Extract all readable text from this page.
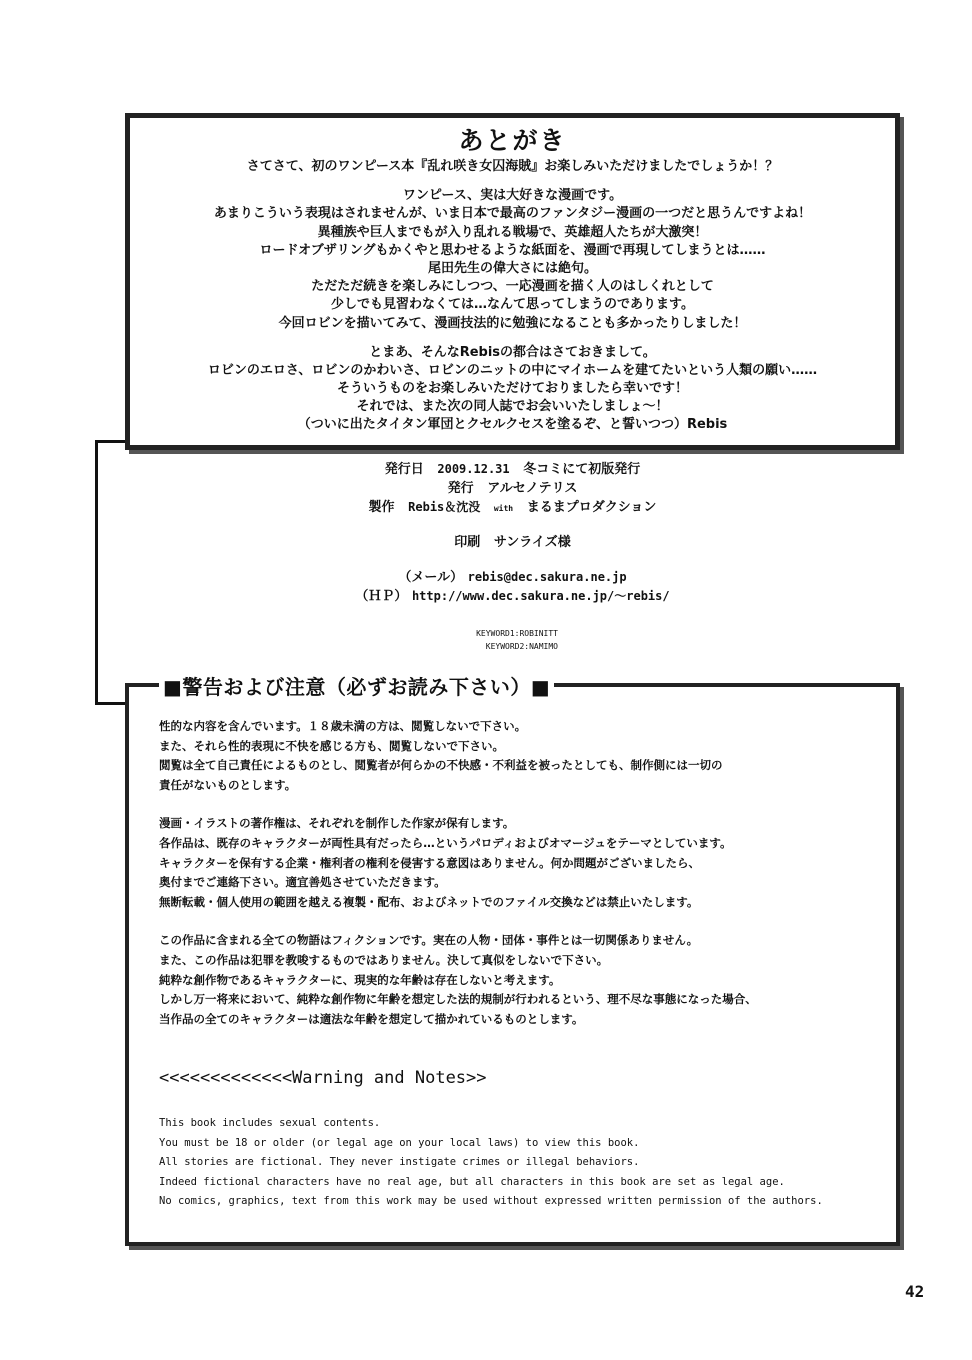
あとがき
さてさて、初のワンピース本『乱れ咲き女囚海賊』お楽しみいただけましたでしょうか！？
ワンピース、実は大好きな漫画です。
あまりこういう表現はされませんが、いま日本で最高のファンタジー漫画の一つだと思うんですよね！
異種族や巨人までもが入り乱れる戦場で、英雄超人たちが大激突！
ロードオブザリングもかくやと思わせるような紙面を、漫画で再現してしまうとは……
尾田先生の偉大さには絶句。
ただただ続きを楽しみにしつつ、一応漫画を描く人のはしくれとして
少しでも見習わなくては…なんて思ってしまうのであります。
今回ロビンを描いてみて、漫画技法的に勉強になることも多かったりしました！
とまあ、そんなRebisの都合はさておきまして。
ロビンのエロさ、ロビンのかわいさ、ロビンのニットの中にマイホームを建てたいという人類の願い……
そういうものをお楽しみいただけておりましたら幸いです！
それでは、また次の同人誌でお会いいたしましょ～！
（ついに出たタイタン軍団とクセルクセスを塗るぞ、と誓いつつ）Rebis
発行日 2009.12.31 冬コミにて初版発行
発行 アルセノテリス
製作 Rebis＆沈没 with まるまプロダクション
印刷 サンライズ様
（メール） rebis@dec.sakura.ne.jp
（ＨＰ） http://www.dec.sakura.ne.jp/～rebis/
KEYWORD1:ROBINITT
KEYWORD2:NAMIMO
■警告および注意（必ずお読み下さい）■
性的な内容を含んでいます。１８歳未満の方は、閲覧しないで下さい。
また、それら性的表現に不快を感じる方も、閲覧しないで下さい。
閲覧は全て自己責任によるものとし、閲覧者が何らかの不快感・不利益を被ったとしても、制作側には一切の
責任がないものとします。
漫画・イラストの著作権は、それぞれを制作した作家が保有します。
各作品は、既存のキャラクターが両性具有だったら…というパロディおよびオマージュをテーマとしています。
キャラクターを保有する企業・権利者の権利を侵害する意図はありません。何か問題がございましたら、
奥付までご連絡下さい。適宜善処させていただきます。
無断転載・個人使用の範囲を越える複製・配布、およびネットでのファイル交換などは禁止いたします。
この作品に含まれる全ての物語はフィクションです。実在の人物・団体・事件とは一切関係ありません。
また、この作品は犯罪を教唆するものではありません。決して真似をしないで下さい。
純粋な創作物であるキャラクターに、現実的な年齢は存在しないと考えます。
しかし万一将来において、純粋な創作物に年齢を想定した法的規制が行われるという、理不尽な事態になった場合、
当作品の全てのキャラクターは適法な年齢を想定して描かれているものとします。
<<<<<<<<<<<<<Warning and Notes>>
This book includes sexual contents.
You must be 18 or older (or legal age on your local laws) to view this book.
All stories are fictional. They never instigate crimes or illegal behaviors.
Indeed fictional characters have no real age, but all characters in this book are set as legal age.
No comics, graphics, text from this work may be used without expressed written permission of the authors.
42
